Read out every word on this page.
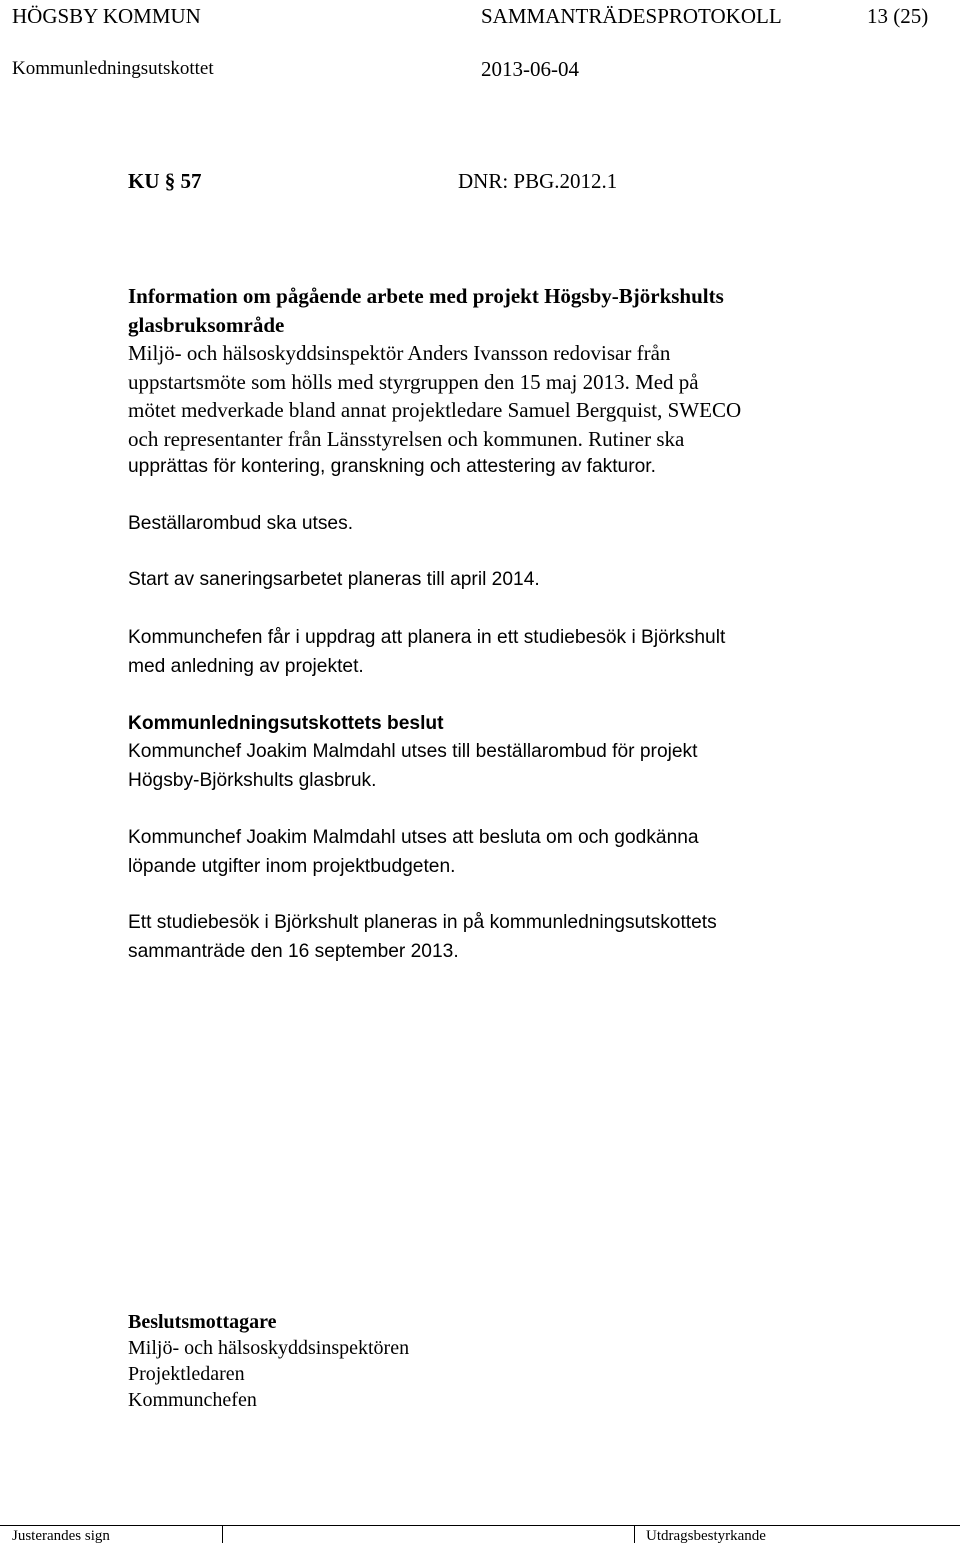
HÖGSBY KOMMUN	SAMMANTRÄDESPROTOKOLL	13 (25)
Kommunledningsutskottet	2013-06-04
KU § 57	DNR: PBG.2012.1

Information om pågående arbete med projekt Högsby-Björkshults
glasbruksområde

Miljö- och hälsoskyddsinspektör Anders Ivansson redovisar från
uppstartsmöte som hölls med styrgruppen den 15 maj 2013. Med på
mötet medverkade bland annat projektledare Samuel Bergquist, SWECO
och representanter från Länsstyrelsen och kommunen. Rutiner ska

upprättas för kontering, granskning och attestering av fakturor.

Beställarombud ska utses.
Start av saneringsarbetet planeras till april 2014.
Kommunchefen får i uppdrag att planera in ett studiebesök i Björkshult
med anledning av projektet.
Kommunledningsutskottets beslut
Kommunchef Joakim Malmdahl utses till beställarombud för projekt
Högsby-Björkshults glasbruk.
Kommunchef Joakim Malmdahl utses att besluta om och godkänna
löpande utgifter inom projektbudgeten.
Ett studiebesök i Björkshult planeras in på kommunledningsutskottets
sammanträde den 16 september 2013.
Beslutsmottagare
Miljö- och hälsoskyddsinspektören
Projektledaren
Kommunchefen
Justerandes sign	Utdragsbestyrkande
